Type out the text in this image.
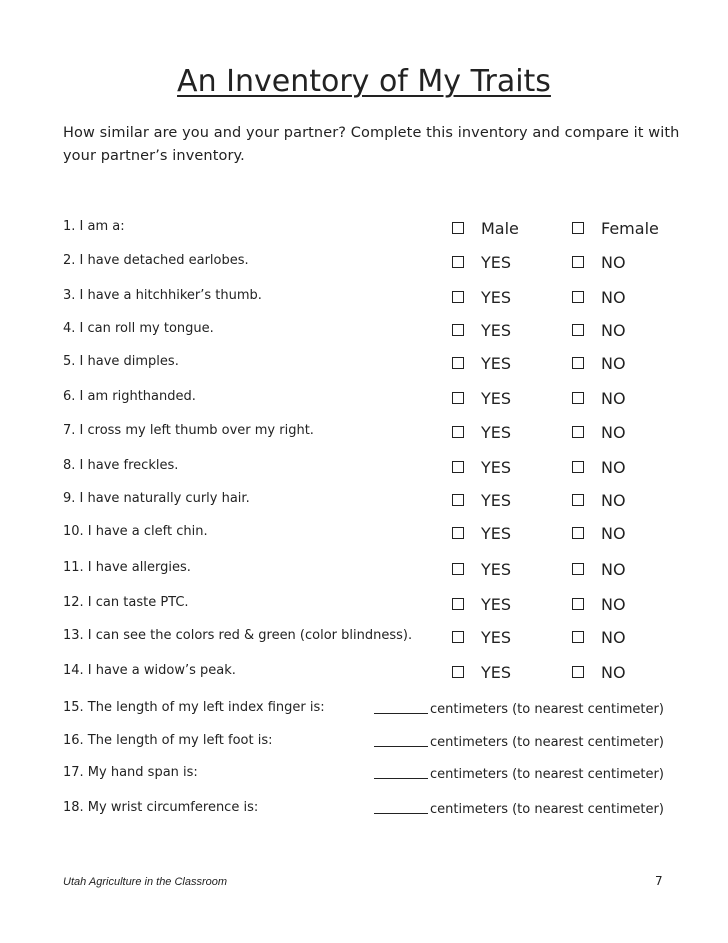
An Inventory of My Traits
How similar are you and your partner? Complete this inventory and compare it with your partner’s inventory.
1. I am a:	Male	Female
2. I have detached earlobes.	YES	NO
3. I have a hitchhiker’s thumb.	YES	NO
4. I can roll my tongue.	YES	NO
5. I have dimples.	YES	NO
6. I am righthanded.	YES	NO
7. I cross my left thumb over my right.	YES	NO
8. I have freckles.	YES	NO
9. I have naturally curly hair.	YES	NO
10. I have a cleft chin.	YES	NO
11. I have allergies.	YES	NO
12. I can taste PTC.	YES	NO
13. I can see the colors red & green (color blindness).	YES	NO
14. I have a widow’s peak.	YES	NO
15. The length of my left index finger is:	centimeters (to nearest centimeter)
16. The length of my left foot is:	centimeters (to nearest centimeter)
17. My hand span is:	centimeters (to nearest centimeter)
18. My wrist circumference is:	centimeters (to nearest centimeter)
Utah Agriculture in the Classroom	7
